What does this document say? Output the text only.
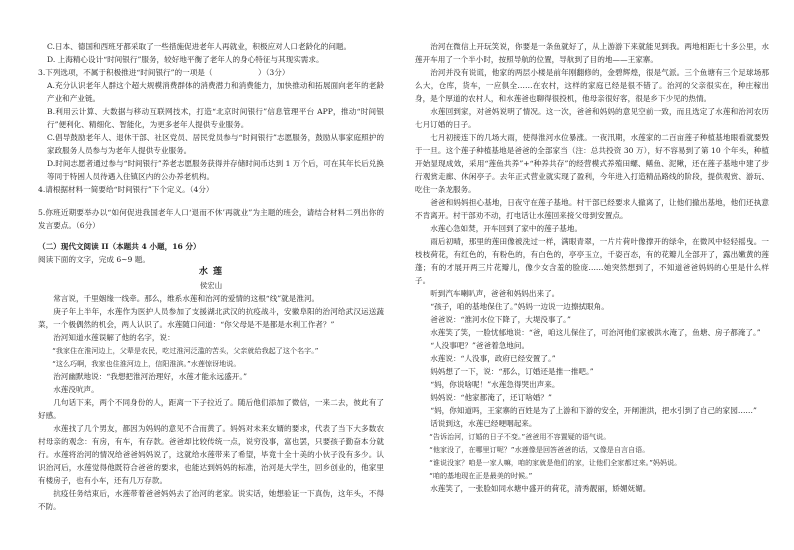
C.日本、德国和西班牙都采取了一些措施促进老年人再就业，积极应对人口老龄化的问题。

D. 上海精心设计“时间银行”服务，较好地平衡了老年人的身心特征与其现实需求。

3.下列选项，不属于积极推进“时间银行”的一项是（　　　　　　）（3分）

A.充分认识老年人群这个超大规模消费群体的消费潜力和消费能力，加快推动和拓展面向老年的老龄产业和产业链。

B.利用云计算、大数据与移动互联网技术，打造“北京时间银行”信息管理平台 APP，推动“时间银行”便利化、精细化、智能化，为更多老年人提供专业服务。

C.倡导鼓励老年人、退休干部、社区党员、居民党员参与“时间银行”志愿服务，鼓励从事家庭照护的家政服务人员参与为老年人提供专业服务。

D.时间志愿者通过参与“时间银行”养老志愿服务获得并存储时间币达到 1 万个后，可在其年长后兑换等同于特困人员待遇入住镇区内的公办养老机构。

4.请根据材料一简要给“时间银行”下个定义。（4分）

5.你班近期要举办以“如何促进我国老年人口‘退而不休’再就业”为主题的班会，请结合材料二列出你的发言要点。（6分）

（二）现代文阅读 II（本题共 4 小题，16 分）

阅读下面的文字，完成 6~9 题。

水 莲

侯宏山

常言说，千里姻缘一线牵。那么，维系水莲和治河的爱情的这根“线”就是淮河。

庚子年上半年，水莲作为医护人员参加了支援湖北武汉的抗疫战斗，安徽阜阳的治河给武汉运送蔬菜，一个极偶然的机会，两人认识了。水莲随口问道：“你父母是不是都是水利工作者？”

治河知道水莲误解了他的名字，说：

“我家住在淮河边上，父辈是农民，吃过淮河泛滥的苦头，父亲就给我起了这个名字。”

“这么巧啊，我家也住淮河边上，信阳淮滨。”水莲惊讶地说。

治河幽默地说：“我想把淮河治理好，水莲才能永远盛开。”

水莲没吭声。

几句话下来，两个不同身份的人，距离一下子拉近了。随后他们添加了微信，一来二去，彼此有了好感。

水莲找了几个男友，都因为妈妈的意见不合而黄了。妈妈对未来女婿的要求，代表了当下大多数农村母亲的观念：有房，有车，有存款。爸爸却比较传统一点，说穷没事，富也罢，只要孩子勤奋本分就行。水莲将治河的情况给爸爸妈妈说了，这就给水莲带来了希望，毕竟十全十美的小伙子没有多少。认识治河后，水莲觉得他既符合爸爸的要求，也能达到妈妈的标准，治河是大学生，回乡创业的，他家里有楼房子，也有小车，还有几万存款。

抗疫任务结束后，水莲带着爸爸妈妈去了治河的老家。说实话，她想验证一下真伪，这年头，不得不防。

治河在微信上开玩笑说，你要是一条鱼就好了，从上游游下来就能见到我。两地相距七十多公里，水莲开车用了一个半小时，按照导航的位置，导航到了目的地——王家寨。

治河并没有说谎，他家的两层小楼是前年刚翻修的，金碧辉煌，很是气派。三个鱼塘有三个足球场那么大，仓库，货车，一应俱全……在农村，这样的家庭已经是很不错了。治河的父亲很实在，种庄稼出身，是个厚道的农村人，和水莲爸也聊得很投机，他母亲很好客，很是乡下少见的热情。

水莲回到家，对爸妈说明了情况。这一次，爸爸和妈妈的意见空前一致，而且选定了水莲和治河农历七月订婚的日子。

七月初接连下的几场大雨，使得淮河水位暴涨。一夜汛期，水莲家的二百亩莲子种植基地眼看就要毁于一旦。这个莲子种植基地是爸爸的全部家当（注：总共投资 30 万），好不容易到了第 10 个年头，种植开始显现成效，采用“莲鱼共养”+“种养共存”的经营模式养殖田螺、鳝鱼、泥鳅，还在莲子基地中建了步行观赏走廊、休闲亭子。去年正式营业就实现了盈利，今年进入打造精品路线的阶段，提供观赏、游玩、吃住一条龙服务。

爸爸和妈妈担心基地，日夜守在莲子基地。村干部已经要求人撤离了，让他们撤出基地，他们还执意不肯离开。村干部劝不动，打电话让水莲回来接父母到安置点。

水莲心急如焚，开车回到了家中的莲子基地。

雨后初晴，那里的莲田像被洗过一样，满眼青翠，一片片荷叶像撑开的绿伞，在微风中轻轻摇曳。一枝枝荷花，有红色的，有粉色的，有白色的，亭亭玉立，千姿百态，有的花瓣儿全部开了，露出嫩黄的莲蓬；有的才展开两三片花瓣儿，像少女含羞的脸庞……她突然想到了，不知道爸爸妈妈的心里是什么样子。

听到汽车喇叭声，爸爸和妈妈出来了。

“孩子，咱的基地保住了。”妈妈一边说一边擦拭眼角。

爸爸说：“淮河水位下降了，大堤没事了。”

水莲笑了笑，一脸忧郁地说：“爸，咱这儿保住了，可治河他们家被洪水淹了，鱼塘、房子都淹了。”

“人没事吧？”爸爸着急地问。

水莲说：“人没事，政府已经安置了。”

妈妈想了一下，说：“那么，订婚还是推一推吧。”

“妈，你说啥呢！”水莲急得哭出声来。

妈妈说：“他家都淹了，还订啥婚？”

“妈，你知道吗，王家寨的百姓是为了上游和下游的安全，开闸泄洪，把水引到了自己的家园……”

话说到这，水莲已经哽咽起来。

“告诉治河，订婚的日子不变。”爸爸用不容置疑的语气说。

“他家没了，在哪里订呢？”水莲像是回答爸爸的话，又像是自言自语。

“谁说没家？咱是一家人嘛，咱的家就是他们的家，让他们全家都过来。”妈妈说。

“咱的基地现在正是最美的时候。”

水莲笑了，一张脸如同水塘中盛开的荷花，清秀靓丽，娇媚妩媚。
